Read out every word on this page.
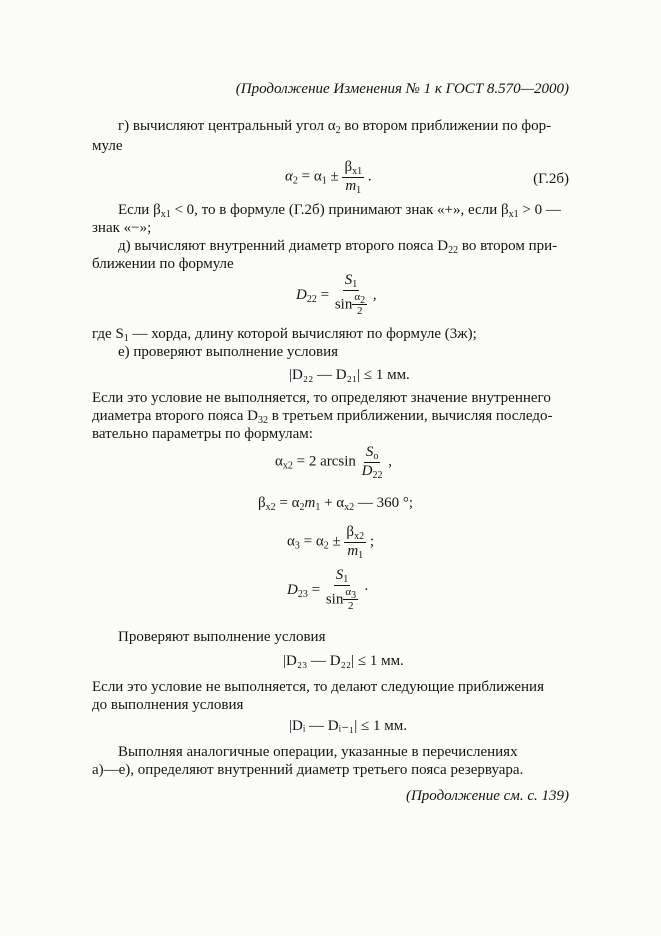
(Продолжение Изменения № 1 к ГОСТ 8.570—2000)
г) вычисляют центральный угол $\alpha_2$ во втором приближении по фор-
муле
$\alpha_2 = \alpha_1 \pm \frac{\beta_{x1}}{m_1}$ .	(Г.2б)
Если $\beta_{x1} < 0$, то в формуле (Г.2б) принимают знак «+», если $\beta_{x1} > 0$ —
знак «−»;
д) вычисляют внутренний диаметр второго пояса $D_{22}$ во втором при-
ближении по формуле
$D_{22} = \frac{S_1}{\sin \frac{\alpha_2}{2}}$ ,
где $S_1$ — хорда, длину которой вычисляют по формуле (3ж);
е) проверяют выполнение условия
|D₂₂ — D₂₁| ≤ 1 мм.
Если это условие не выполняется, то определяют значение внутреннего
диаметра второго пояса $D_{32}$ в третьем приближении, вычисляя последо-
вательно параметры по формулам:
$\alpha_{x2} = 2$ $\arcsin \frac{S_o}{D_{22}}$ ,
$\beta_{x2} = \alpha_2m_1 + \alpha_{x2}$ — 360 °;
$\alpha_3 = \alpha_2 \pm \frac{\beta_{x2}}{m_1}$ ;
$D_{23} = \frac{S_1}{\sin \frac{\alpha_3}{2}}$ ·
Проверяют выполнение условия
|D₂₃ — D₂₂| ≤ 1 мм.
Если это условие не выполняется, то делают следующие приближения
до выполнения условия
|Dᵢ — Dᵢ₋₁| ≤ 1 мм.
Выполняя аналогичные операции, указанные в перечислениях
а)—е), определяют внутренний диаметр третьего пояса резервуара.
(Продолжение см. с. 139)
